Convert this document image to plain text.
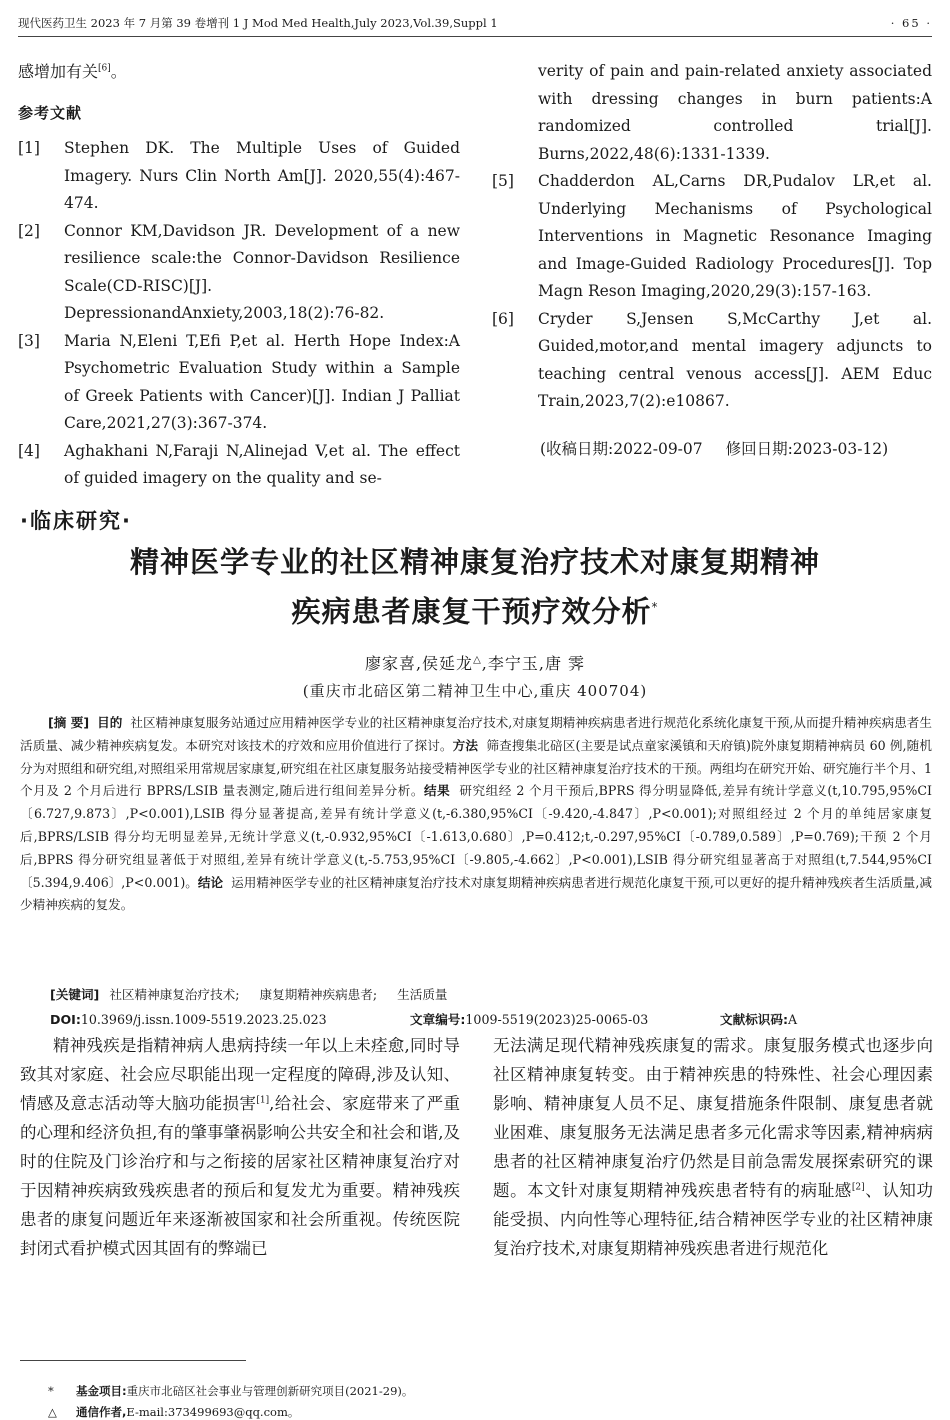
现代医药卫生 2023 年 7 月第 39 卷增刊 1 J Mod Med Health,July 2023,Vol.39,Suppl 1	· 65 ·

感增加有关[6]。

参考文献

[1] Stephen DK. The Multiple Uses of Guided Imagery. Nurs Clin North Am[J]. 2020,55(4):467-474.

[2] Connor KM,Davidson JR. Development of a new resilience scale:the Connor-Davidson Resilience Scale(CD-RISC)[J]. DepressionandAnxiety,2003,18(2):76-82.

[3] Maria N,Eleni T,Efi P,et al. Herth Hope Index:A Psychometric Evaluation Study within a Sample of Greek Patients with Cancer)[J]. Indian J Palliat Care,2021,27(3):367-374.

[4] Aghakhani N,Faraji N,Alinejad V,et al. The effect of guided imagery on the quality and se-

verity of pain and pain-related anxiety associated with dressing changes in burn patients:A randomized controlled trial[J]. Burns,2022,48(6):1331-1339.

[5] Chadderdon AL,Carns DR,Pudalov LR,et al. Underlying Mechanisms of Psychological Interventions in Magnetic Resonance Imaging and Image-Guided Radiology Procedures[J]. Top Magn Reson Imaging,2020,29(3):157-163.

[6] Cryder S,Jensen S,McCarthy J,et al. Guided,motor,and mental imagery adjuncts to teaching central venous access[J]. AEM Educ Train,2023,7(2):e10867.

(收稿日期:2022-09-07 修回日期:2023-03-12)
·临床研究·
精神医学专业的社区精神康复治疗技术对康复期精神
疾病患者康复干预疗效分析*
廖家喜,侯延龙△,李宁玉,唐 霁
(重庆市北碚区第二精神卫生中心,重庆 400704)

[摘 要] 目的 社区精神康复服务站通过应用精神医学专业的社区精神康复治疗技术,对康复期精神疾病患者进行规范化系统化康复干预,从而提升精神疾病患者生活质量、减少精神疾病复发。本研究对该技术的疗效和应用价值进行了探讨。方法 筛查搜集北碚区(主要是试点童家溪镇和天府镇)院外康复期精神病员 60 例,随机分为对照组和研究组,对照组采用常规居家康复,研究组在社区康复服务站接受精神医学专业的社区精神康复治疗技术的干预。两组均在研究开始、研究施行半个月、1 个月及 2 个月后进行 BPRS/LSIB 量表测定,随后进行组间差异分析。结果 研究组经 2 个月干预后,BPRS 得分明显降低,差异有统计学意义(t,10.795,95%CI〔6.727,9.873〕,P<0.001),LSIB 得分显著提高,差异有统计学意义(t,-6.380,95%CI〔-9.420,-4.847〕,P<0.001);对照组经过 2 个月的单纯居家康复后,BPRS/LSIB 得分均无明显差异,无统计学意义(t,-0.932,95%CI〔-1.613,0.680〕,P=0.412;t,-0.297,95%CI〔-0.789,0.589〕,P=0.769);干预 2 个月后,BPRS 得分研究组显著低于对照组,差异有统计学意义(t,-5.753,95%CI〔-9.805,-4.662〕,P<0.001),LSIB 得分研究组显著高于对照组(t,7.544,95%CI〔5.394,9.406〕,P<0.001)。结论 运用精神医学专业的社区精神康复治疗技术对康复期精神疾病患者进行规范化康复干预,可以更好的提升精神残疾者生活质量,减少精神疾病的复发。

[关键词] 社区精神康复治疗技术; 康复期精神疾病患者; 生活质量
DOI:10.3969/j.issn.1009-5519.2023.25.023	文章编号:1009-5519(2023)25-0065-03	文献标识码:A

精神残疾是指精神病人患病持续一年以上未痊愈,同时导致其对家庭、社会应尽职能出现一定程度的障碍,涉及认知、情感及意志活动等大脑功能损害[1],给社会、家庭带来了严重的心理和经济负担,有的肇事肇祸影响公共安全和社会和谐,及时的住院及门诊治疗和与之衔接的居家社区精神康复治疗对于因精神疾病致残疾患者的预后和复发尤为重要。精神残疾患者的康复问题近年来逐渐被国家和社会所重视。传统医院封闭式看护模式因其固有的弊端已

无法满足现代精神残疾康复的需求。康复服务模式也逐步向社区精神康复转变。由于精神疾患的特殊性、社会心理因素影响、精神康复人员不足、康复措施条件限制、康复患者就业困难、康复服务无法满足患者多元化需求等因素,精神病病患者的社区精神康复治疗仍然是目前急需发展探索研究的课题。本文针对康复期精神残疾患者特有的病耻感[2]、认知功能受损、内向性等心理特征,结合精神医学专业的社区精神康复治疗技术,对康复期精神残疾患者进行规范化

* 基金项目:重庆市北碚区社会事业与管理创新研究项目(2021-29)。
△ 通信作者,E-mail:373499693@qq.com。
